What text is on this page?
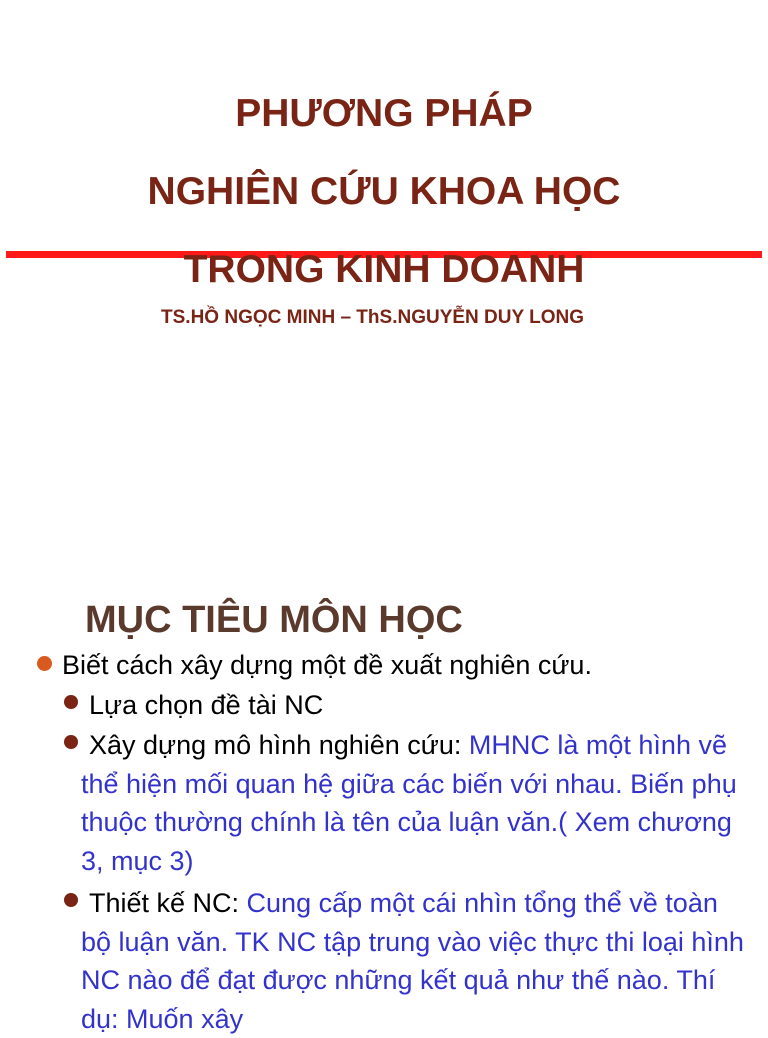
PHƯƠNG PHÁP
NGHIÊN CỨU KHOA HỌC
TRONG KINH DOANH
TS.HỒ NGỌC MINH – ThS.NGUYỄN DUY LONG
MỤC TIÊU MÔN HỌC
Biết cách xây dựng một đề xuất nghiên cứu.
Lựa chọn đề tài NC
Xây dựng mô hình nghiên cứu: MHNC là một hình vẽ thể hiện mối quan hệ giữa các biến với nhau. Biến phụ thuộc thường chính là tên của luận văn.( Xem chương 3, mục 3)
Thiết kế NC: Cung cấp một cái nhìn tổng thể về toàn bộ luận văn. TK NC tập trung vào việc thực thi loại hình NC nào để đạt được những kết quả như thế nào. Thí dụ: Muốn xây
